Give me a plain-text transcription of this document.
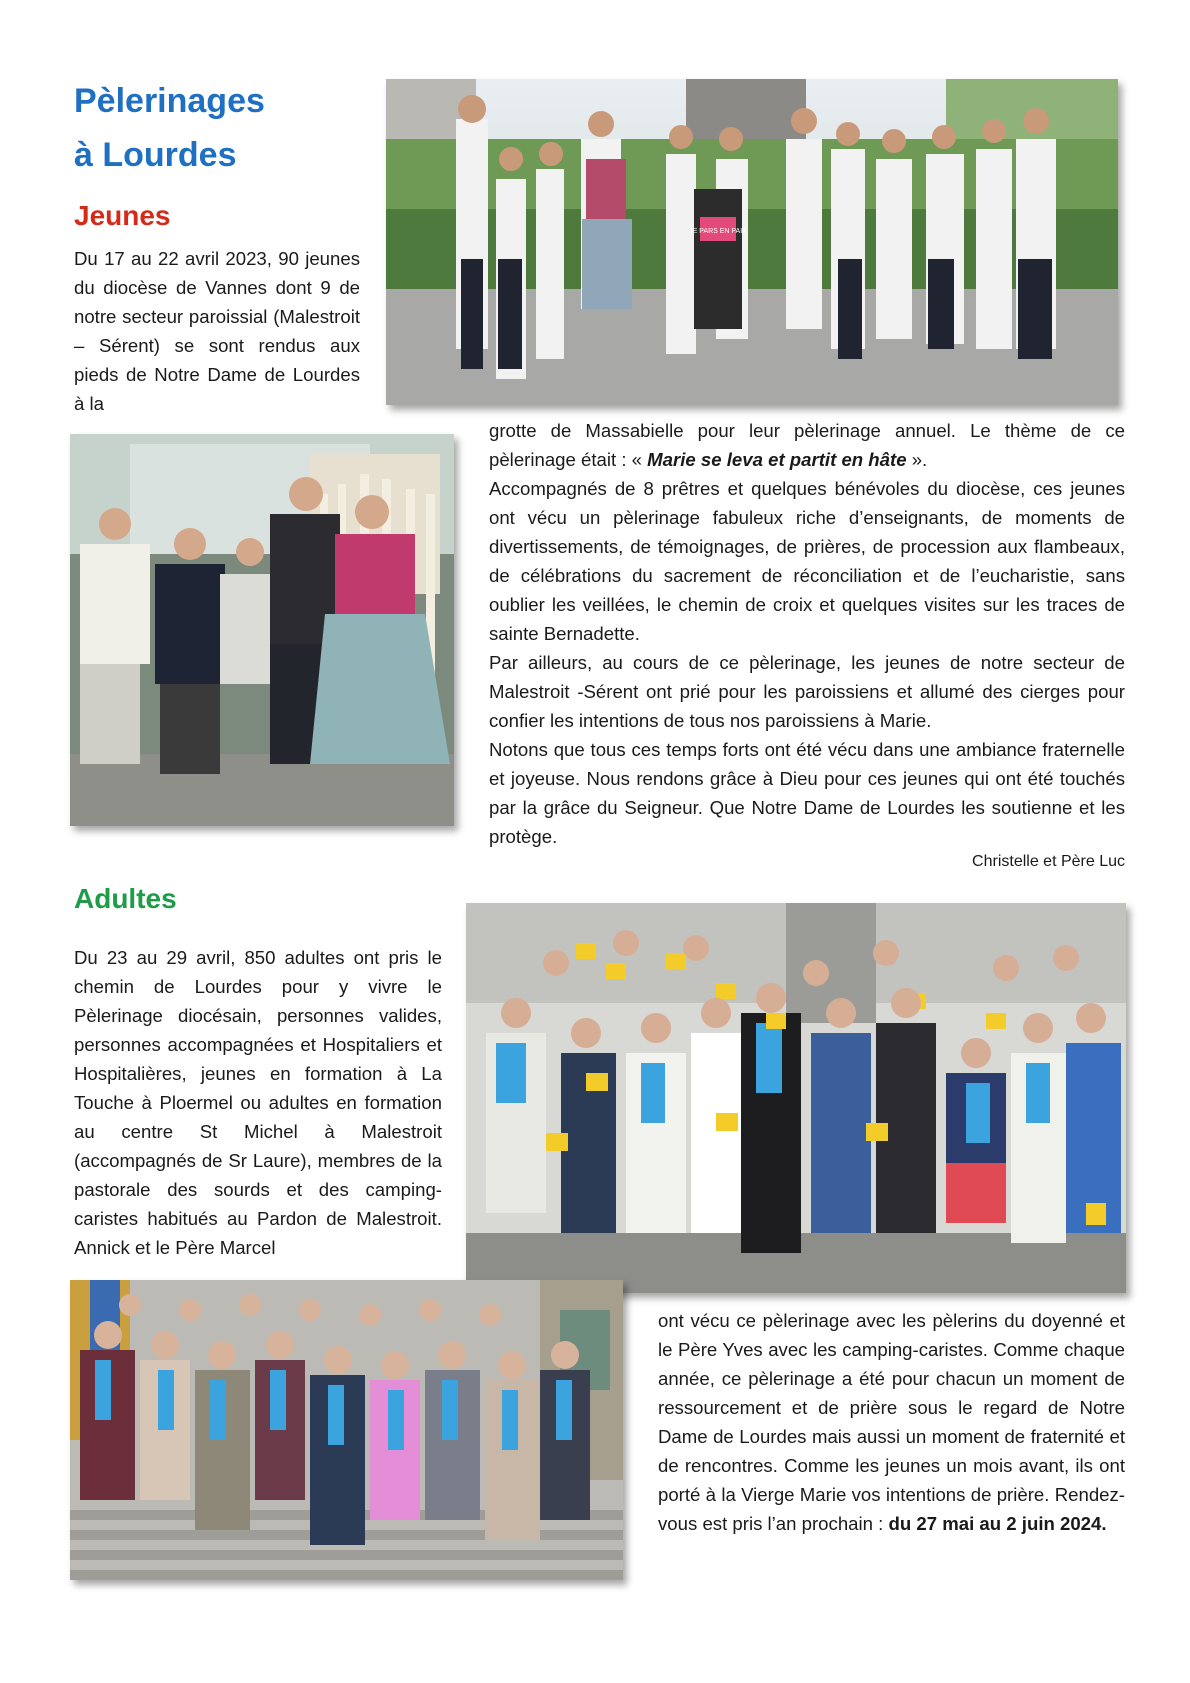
Pèlerinages
à Lourdes
Jeunes

Du 17 au 22 avril 2023, 90 jeunes du diocèse de Vannes dont 9 de notre secteur paroissial (Malestroit – Sérent) se sont rendus aux pieds de Notre Dame de Lourdes à la

JE PARS EN PAIX

grotte de Massabielle pour leur pèlerinage annuel. Le thème de ce pèlerinage était : « Marie se leva et partit en hâte ».

Accompagnés de 8 prêtres et quelques bénévoles du diocèse, ces jeunes ont vécu un pèlerinage fabuleux riche d’enseignants, de moments de divertissements, de témoignages, de prières, de procession aux flambeaux, de célébrations du sacrement de réconciliation et de l’eucharistie, sans oublier les veillées, le chemin de croix et quelques visites sur les traces de sainte Bernadette.

Par ailleurs, au cours de ce pèlerinage, les jeunes de notre secteur de Malestroit -Sérent ont prié pour les paroissiens et allumé des cierges pour confier les intentions de tous nos paroissiens à Marie.

Notons que tous ces temps forts ont été vécu dans une ambiance fraternelle et joyeuse. Nous rendons grâce à Dieu pour ces jeunes qui ont été touchés par la grâce du Seigneur. Que Notre Dame de Lourdes les soutienne et les protège.

Christelle et Père Luc
Adultes

Du 23 au 29 avril, 850 adultes ont pris le chemin de Lourdes pour y vivre le Pèlerinage diocésain, personnes valides, personnes accompagnées et Hospitaliers et Hospitalières, jeunes en formation à La Touche à Ploermel ou adultes en formation au centre St Michel à Malestroit (accompagnés de Sr Laure), membres de la pastorale des sourds et des camping-caristes habitués au Pardon de Malestroit. Annick et le Père Marcel

ont vécu ce pèlerinage avec les pèlerins du doyenné et le Père Yves avec les camping-caristes. Comme chaque année, ce pèlerinage a été pour chacun un moment de ressourcement et de prière sous le regard de Notre Dame de Lourdes mais aussi un moment de fraternité et de rencontres. Comme les jeunes un mois avant, ils ont porté à la Vierge Marie vos intentions de prière. Rendez-vous est pris l’an prochain : du 27 mai au 2 juin 2024.
